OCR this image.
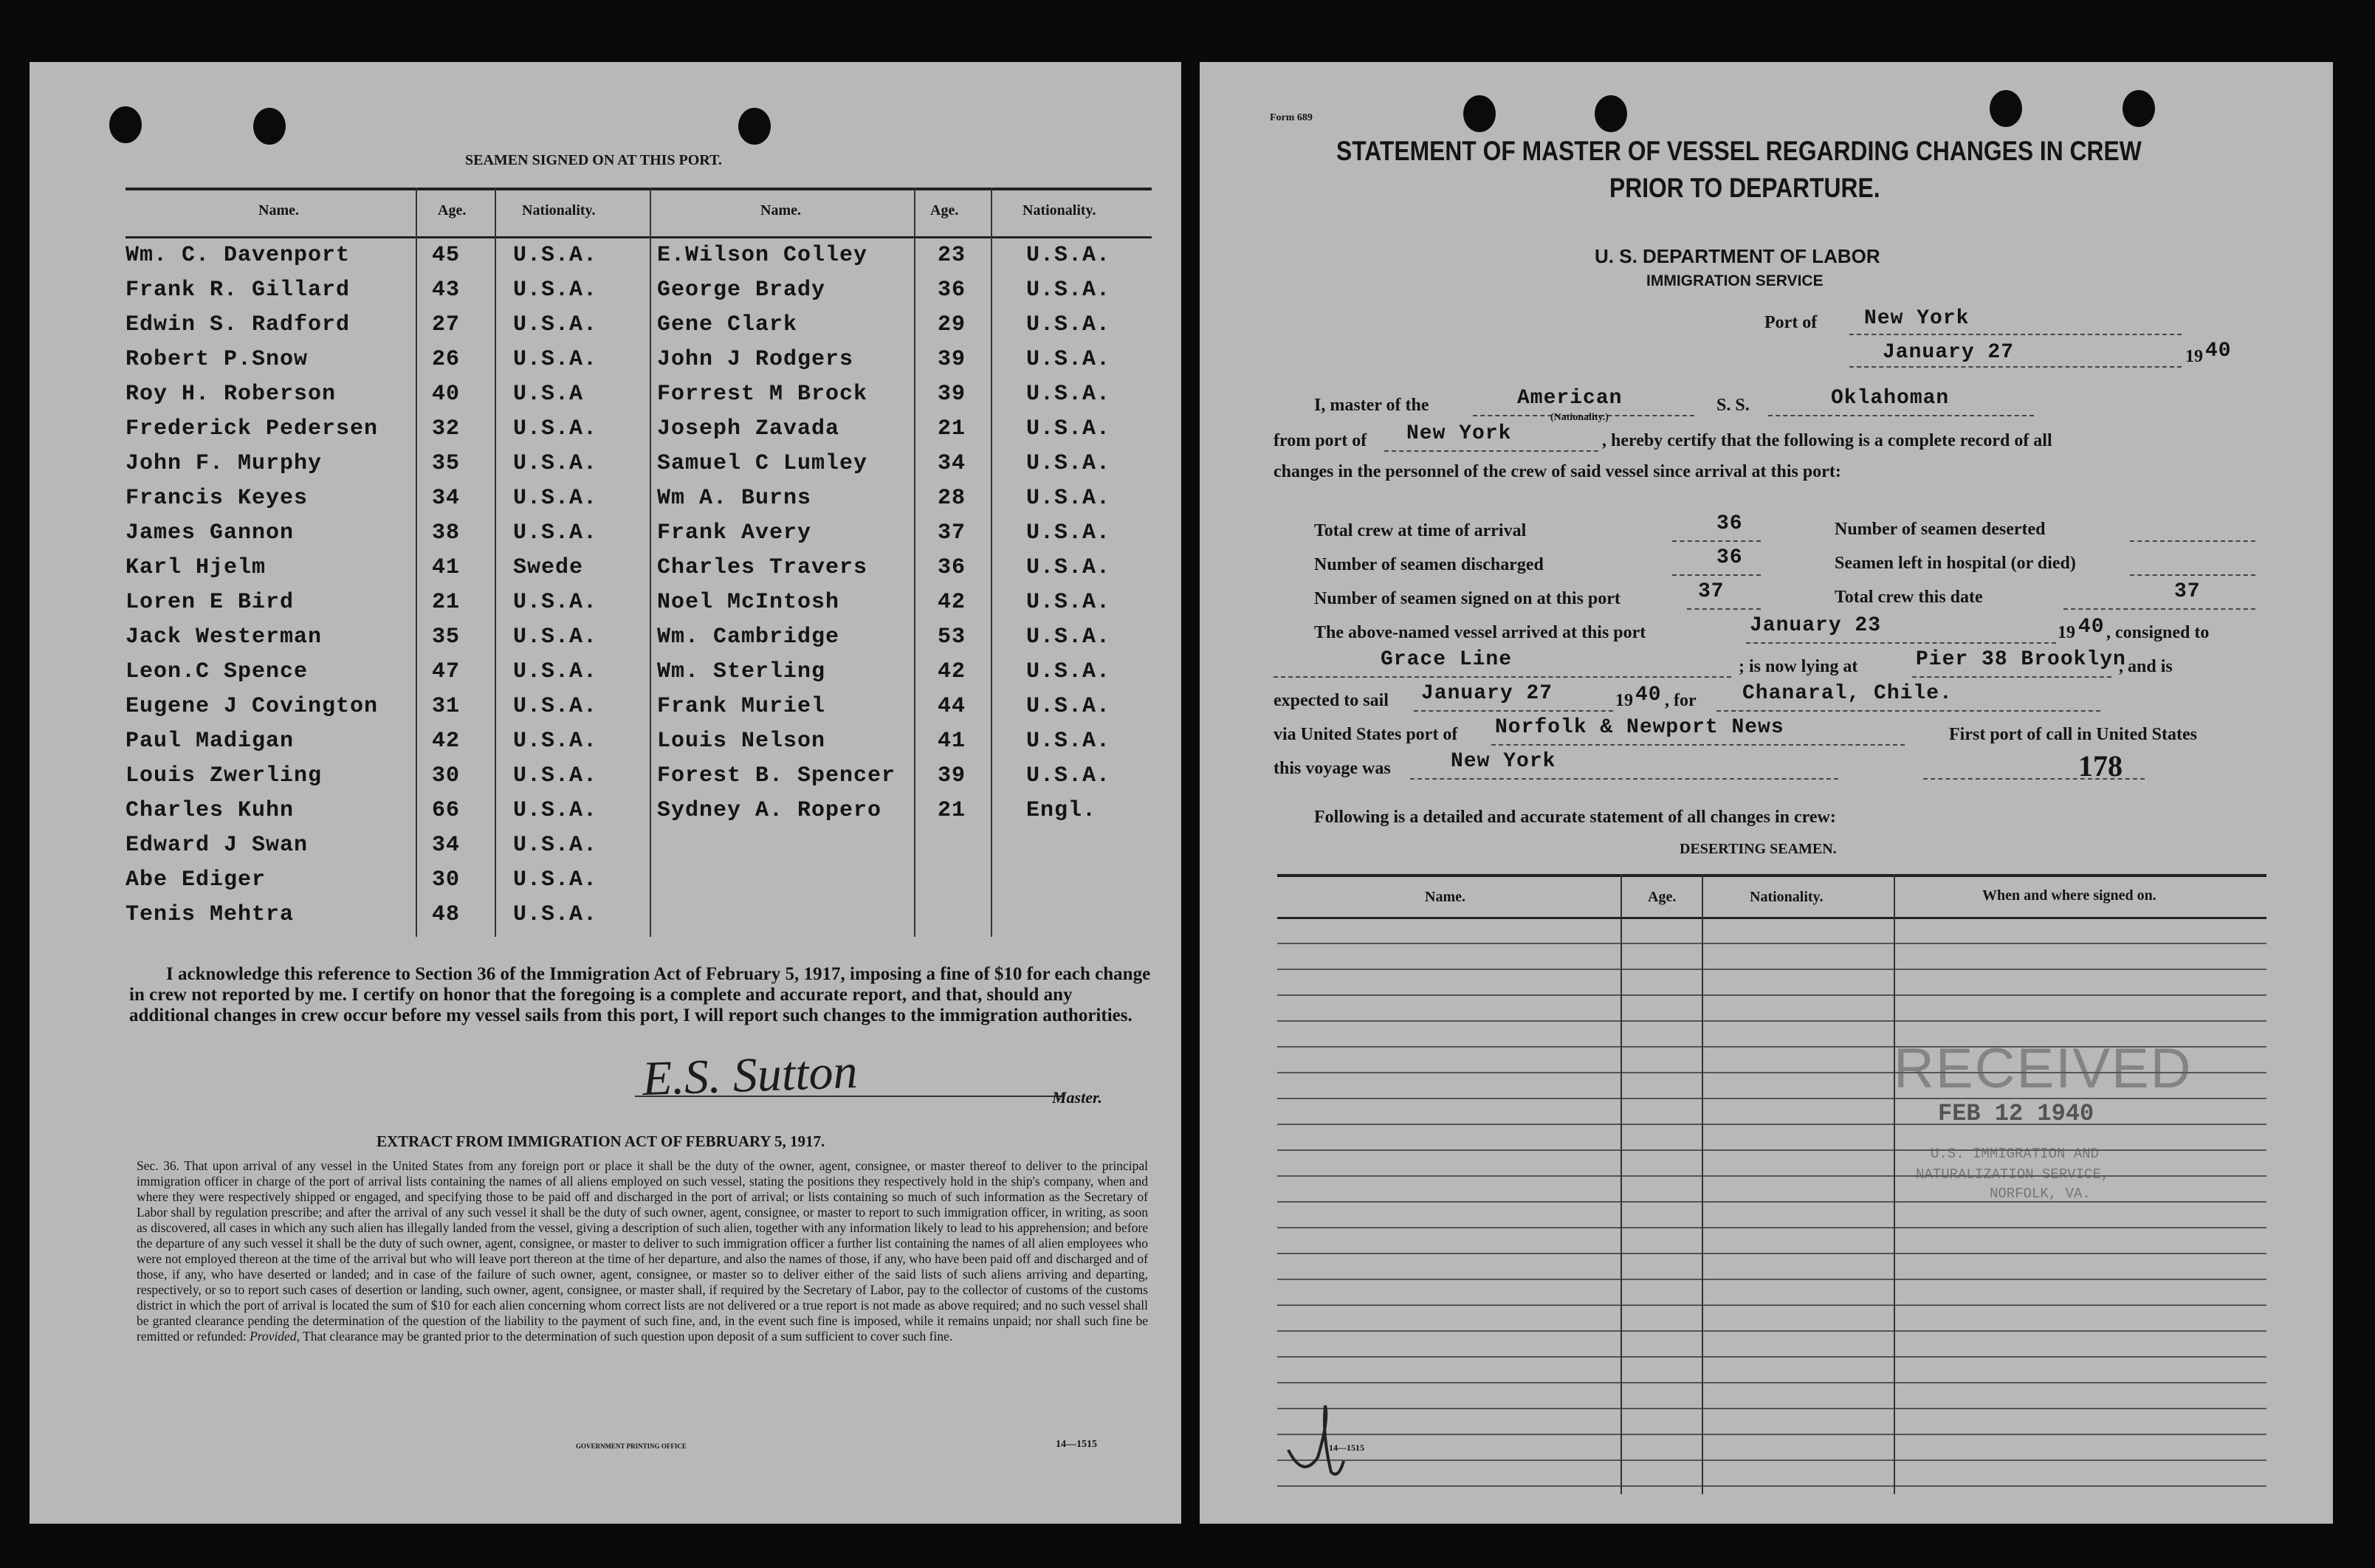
SEAMEN SIGNED ON AT THIS PORT.
Name.	Age.	Nationality.	Name.	Age.	Nationality.
Wm. C. Davenport	45 U.S.A.	E.Wilson Colley	23	U.S.A.
Frank R. Gillard	43 U.S.A.	George Brady	36	U.S.A.
Edwin S. Radford	27 U.S.A.	Gene Clark	29	U.S.A.
Robert P.Snow	26 U.S.A.	John J Rodgers	39	U.S.A.
Roy H. Roberson	40 U.S.A	Forrest M Brock	39	U.S.A.
Frederick Pedersen 32 U.S.A.	Joseph Zavada	21	U.S.A.
John F. Murphy	35 U.S.A.	Samuel C Lumley	34	U.S.A.
Francis Keyes	34 U.S.A.	Wm A. Burns	28	U.S.A.
James Gannon	38 U.S.A.	Frank Avery	37	U.S.A.
Karl Hjelm	41 Swede	Charles Travers	36	U.S.A.
Loren E Bird	21 U.S.A.	Noel McIntosh	42	U.S.A.
Jack Westerman	35 U.S.A.	Wm. Cambridge	53	U.S.A.
Leon.C Spence	47 U.S.A.	Wm. Sterling	42	U.S.A.
Eugene J Covington 31 U.S.A.	Frank Muriel	44	U.S.A.
Paul Madigan	42 U.S.A.	Louis Nelson	41	U.S.A.
Louis Zwerling	30 U.S.A.	Forest B. Spencer 39	U.S.A.
Charles Kuhn	66 U.S.A.	Sydney A. Ropero	21	Engl.
Edward J Swan	34 U.S.A.
Abe Ediger	30 U.S.A.
Tenis Mehtra	48 U.S.A.
I acknowledge this reference to Section 36 of the Immigration Act of February 5, 1917, imposing a fine of $10 for each change in crew not reported by me. I certify on honor that the foregoing is a complete and accurate report, and that, should any additional changes in crew occur before my vessel sails from this port, I will report such changes to the immigration authorities.
E.S. Sutton	Master.
EXTRACT FROM IMMIGRATION ACT OF FEBRUARY 5, 1917.
Sec. 36. That upon arrival of any vessel in the United States from any foreign port or place it shall be the duty of the owner, agent, consignee, or master thereof to deliver to the principal immigration officer in charge of the port of arrival lists containing the names of all aliens employed on such vessel, stating the positions they respectively hold in the ship's company, when and where they were respectively shipped or engaged, and specifying those to be paid off and discharged in the port of arrival; or lists containing so much of such information as the Secretary of Labor shall by regulation prescribe; and after the arrival of any such vessel it shall be the duty of such owner, agent, consignee, or master to report to such immigration officer, in writing, as soon as discovered, all cases in which any such alien has illegally landed from the vessel, giving a description of such alien, together with any information likely to lead to his apprehension; and before the departure of any such vessel it shall be the duty of such owner, agent, consignee, or master to deliver to such immigration officer a further list containing the names of all alien employees who were not employed thereon at the time of the arrival but who will leave port thereon at the time of her departure, and also the names of those, if any, who have been paid off and discharged and of those, if any, who have deserted or landed; and in case of the failure of such owner, agent, consignee, or master so to deliver either of the said lists of such aliens arriving and departing, respectively, or so to report such cases of desertion or landing, such owner, agent, consignee, or master shall, if required by the Secretary of Labor, pay to the collector of customs of the customs district in which the port of arrival is located the sum of $10 for each alien concerning whom correct lists are not delivered or a true report is not made as above required; and no such vessel shall be granted clearance pending the determination of the question of the liability to the payment of such fine, and, in the event such fine is imposed, while it remains unpaid; nor shall such fine be remitted or refunded: Provided, That clearance may be granted prior to the determination of such question upon deposit of a sum sufficient to cover such fine.
GOVERNMENT PRINTING OFFICE	14—1515
Form 689
STATEMENT OF MASTER OF VESSEL REGARDING CHANGES IN CREW
PRIOR TO DEPARTURE.
U. S. DEPARTMENT OF LABOR
IMMIGRATION SERVICE
Port of New York
January 27	19 40
I, master of the	American
(Nationality.)
S. S.	Oklahoman
from port of New York	, hereby certify that the following is a complete record of all
changes in the personnel of the crew of said vessel since arrival at this port:
Total crew at time of arrival	36	Number of seamen deserted
Number of seamen discharged	36	Seamen left in hospital (or died)
Number of seamen signed on at this port	37	Total crew this date	37
The above-named vessel arrived at this port	January 23	19 40 , consigned to
Grace Line	; is now lying at	Pier 38 Brooklyn
, and is
expected to sail January 27	19 40 , for Chanaral, Chile.
via United States port of Norfolk & Newport News	First port of call in United States
this voyage was	New York	178
Following is a detailed and accurate statement of all changes in crew:
DESERTING SEAMEN.
Name.	Age.	Nationality.	When and where signed on.
RECEIVED
FEB 12 1940
U.S. IMMIGRATION AND
NATURALIZATION SERVICE,
NORFOLK, VA.
14—1515
